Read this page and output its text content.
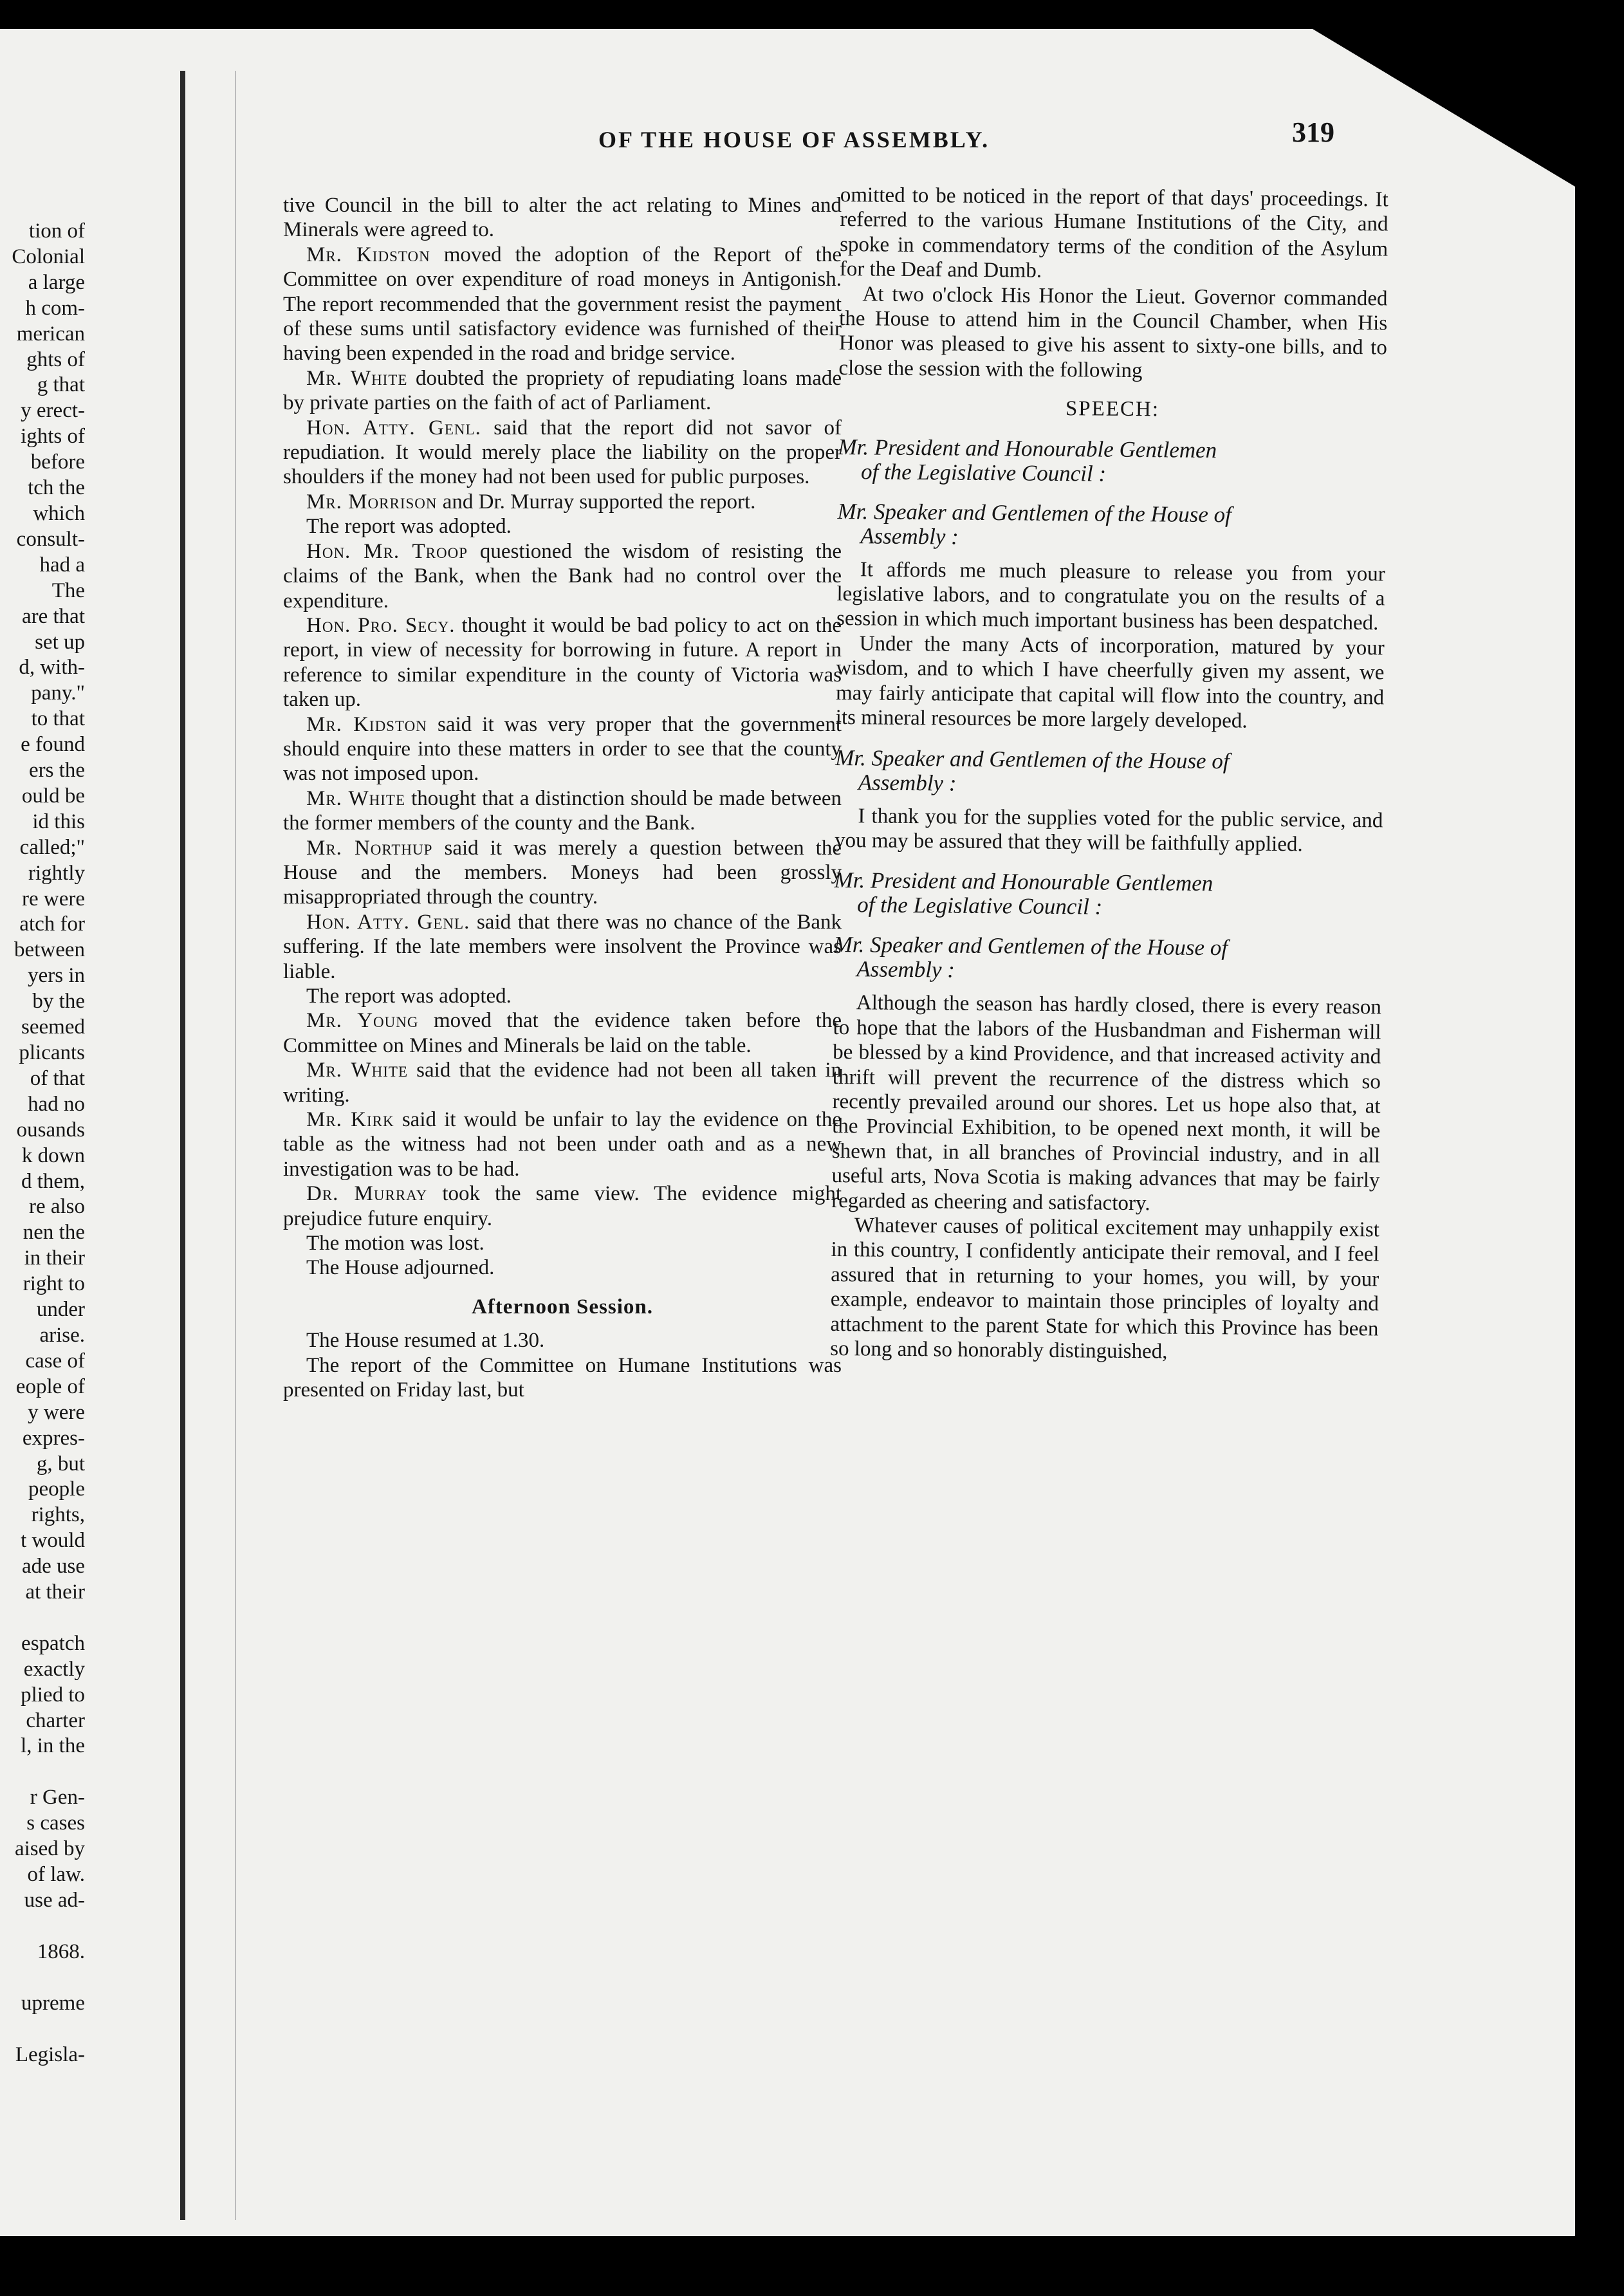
tion of
Colonial
a large
h com-
merican
ghts of
g that
y erect-
ights of
before
tch the
which
consult-
had a
The
are that
set up
d, with-
pany."
to that
e found
ers the
ould be
id this
called;"
rightly
re were
atch for
between
yers in
by the
seemed
plicants
of that
had no
ousands
k down
d them,
re also
nen the
in their
right to
under
arise.
case of
eople of
y were
expres-
g, but
people
rights,
t would
ade use
at their

espatch
exactly
plied to
charter
l, in the

r Gen-
s cases
aised by
of law.
use ad-

1868.
upreme
Legisla-
OF THE HOUSE OF ASSEMBLY.	319

tive Council in the bill to alter the act relating to Mines and Minerals were agreed to.

Mr. Kidston moved the adoption of the Report of the Committee on over expenditure of road moneys in Antigonish. The report recommended that the government resist the payment of these sums until satisfactory evidence was furnished of their having been expended in the road and bridge service.

Mr. White doubted the propriety of repudiating loans made by private parties on the faith of act of Parliament.

Hon. Atty. Genl. said that the report did not savor of repudiation. It would merely place the liability on the proper shoulders if the money had not been used for public purposes.

Mr. Morrison and Dr. Murray supported the report.

The report was adopted.

Hon. Mr. Troop questioned the wisdom of resisting the claims of the Bank, when the Bank had no control over the expenditure.

Hon. Pro. Secy. thought it would be bad policy to act on the report, in view of necessity for borrowing in future. A report in reference to similar expenditure in the county of Victoria was taken up.

Mr. Kidston said it was very proper that the government should enquire into these matters in order to see that the county was not imposed upon.

Mr. White thought that a distinction should be made between the former members of the county and the Bank.

Mr. Northup said it was merely a question between the House and the members. Moneys had been grossly misappropriated through the country.

Hon. Atty. Genl. said that there was no chance of the Bank suffering. If the late members were insolvent the Province was liable.

The report was adopted.

Mr. Young moved that the evidence taken before the Committee on Mines and Minerals be laid on the table.

Mr. White said that the evidence had not been all taken in writing.

Mr. Kirk said it would be unfair to lay the evidence on the table as the witness had not been under oath and as a new investigation was to be had.

Dr. Murray took the same view. The evidence might prejudice future enquiry.

The motion was lost.

The House adjourned.

Afternoon Session.

The House resumed at 1.30.

The report of the Committee on Humane Institutions was presented on Friday last, but

omitted to be noticed in the report of that days' proceedings. It referred to the various Humane Institutions of the City, and spoke in commendatory terms of the condition of the Asylum for the Deaf and Dumb.

At two o'clock His Honor the Lieut. Governor commanded the House to attend him in the Council Chamber, when His Honor was pleased to give his assent to sixty-one bills, and to close the session with the following

SPEECH:

Mr. President and Honourable Gentlemen
of the Legislative Council :

Mr. Speaker and Gentlemen of the House of
Assembly :

It affords me much pleasure to release you from your legislative labors, and to congratulate you on the results of a session in which much important business has been despatched.

Under the many Acts of incorporation, matured by your wisdom, and to which I have cheerfully given my assent, we may fairly anticipate that capital will flow into the country, and its mineral resources be more largely developed.

Mr. Speaker and Gentlemen of the House of
Assembly :

I thank you for the supplies voted for the public service, and you may be assured that they will be faithfully applied.

Mr. President and Honourable Gentlemen
of the Legislative Council :

Mr. Speaker and Gentlemen of the House of
Assembly :

Although the season has hardly closed, there is every reason to hope that the labors of the Husbandman and Fisherman will be blessed by a kind Providence, and that increased activity and thrift will prevent the recurrence of the distress which so recently prevailed around our shores. Let us hope also that, at the Provincial Exhibition, to be opened next month, it will be shewn that, in all branches of Provincial industry, and in all useful arts, Nova Scotia is making advances that may be fairly regarded as cheering and satisfactory.

Whatever causes of political excitement may unhappily exist in this country, I confidently anticipate their removal, and I feel assured that in returning to your homes, you will, by your example, endeavor to maintain those principles of loyalty and attachment to the parent State for which this Province has been so long and so honorably distinguished,
